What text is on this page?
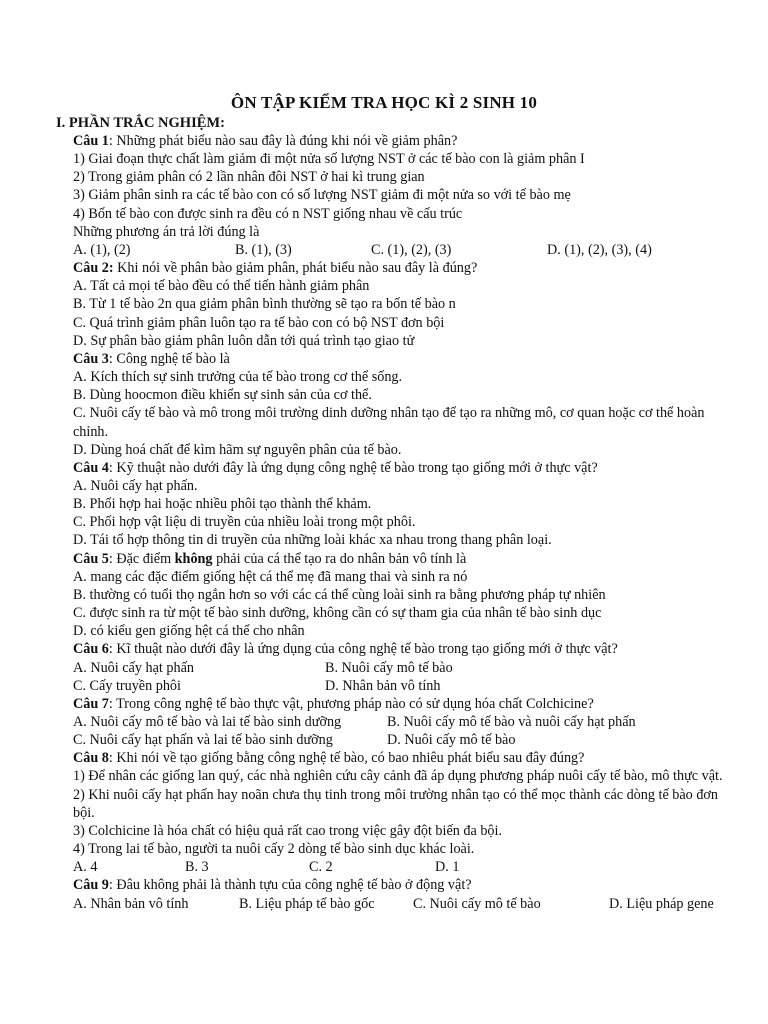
ÔN TẬP KIỂM TRA HỌC KÌ 2 SINH 10
I. PHẦN TRẮC NGHIỆM:
Câu 1: Những phát biểu nào sau đây là đúng khi nói về giảm phân?
1) Giai đoạn thực chất làm giảm đi một nửa số lượng NST ở các tế bào con là giảm phân I
2) Trong giảm phân có 2 lần nhân đôi NST ở hai kì trung gian
3) Giảm phân sinh ra các tế bào con có số lượng NST giảm đi một nửa so với tế bào mẹ
4) Bốn tế bào con được sinh ra đều có n NST giống nhau về cấu trúc
Những phương án trả lời đúng là
A. (1), (2)	B. (1), (3)	C. (1), (2), (3)	D. (1), (2), (3), (4)
Câu 2: Khi nói về phân bào giảm phân, phát biểu nào sau đây là đúng?
A. Tất cả mọi tế bào đều có thể tiến hành giảm phân
B. Từ 1 tế bào 2n qua giảm phân bình thường sẽ tạo ra bốn tế bào n
C. Quá trình giảm phân luôn tạo ra tế bào con có bộ NST đơn bội
D. Sự phân bào giảm phân luôn dẫn tới quá trình tạo giao tử
Câu 3: Công nghệ tế bào là
A. Kích thích sự sinh trưởng của tế bào trong cơ thể sống.
B. Dùng hoocmon điều khiển sự sinh sản của cơ thể.
C. Nuôi cấy tế bào và mô trong môi trường dinh dưỡng nhân tạo để tạo ra những mô, cơ quan hoặc cơ thể hoàn chỉnh.
D. Dùng hoá chất để kìm hãm sự nguyên phân của tế bào.
Câu 4: Kỹ thuật nào dưới đây là ứng dụng công nghệ tế bào trong tạo giống mới ở thực vật?
A. Nuôi cấy hạt phấn.
B. Phối hợp hai hoặc nhiều phôi tạo thành thể khảm.
C. Phối hợp vật liệu di truyền của nhiều loài trong một phôi.
D. Tái tổ hợp thông tin di truyền của những loài khác xa nhau trong thang phân loại.
Câu 5: Đặc điểm không phải của cá thể tạo ra do nhân bản vô tính là
A. mang các đặc điểm giống hệt cá thể mẹ đã mang thai và sinh ra nó
B. thường có tuổi thọ ngắn hơn so với các cá thể cùng loài sinh ra bằng phương pháp tự nhiên
C. được sinh ra từ một tế bào sinh dưỡng, không cần có sự tham gia của nhân tế bào sinh dục
D. có kiểu gen giống hệt cá thể cho nhân
Câu 6: Kĩ thuật nào dưới đây là ứng dụng của công nghệ tế bào trong tạo giống mới ở thực vật?
A. Nuôi cấy hạt phấn	B. Nuôi cấy mô tế bào
C. Cấy truyền phôi	D. Nhân bản vô tính
Câu 7: Trong công nghệ tế bào thực vật, phương pháp nào có sử dụng hóa chất Colchicine?
A. Nuôi cấy mô tế bào và lai tế bào sinh dưỡng	B. Nuôi cấy mô tế bào và nuôi cấy hạt phấn
C. Nuôi cấy hạt phấn và lai tế bào sinh dưỡng	D. Nuôi cấy mô tế bào
Câu 8: Khi nói về tạo giống bằng công nghệ tế bào, có bao nhiêu phát biểu sau đây đúng?
1) Để nhân các giống lan quý, các nhà nghiên cứu cây cảnh đã áp dụng phương pháp nuôi cấy tế bào, mô thực vật.
2) Khi nuôi cấy hạt phấn hay noãn chưa thụ tinh trong môi trường nhân tạo có thể mọc thành các dòng tế bào đơn bội.
3) Colchicine là hóa chất có hiệu quả rất cao trong việc gây đột biến đa bội.
4) Trong lai tế bào, người ta nuôi cấy 2 dòng tế bào sinh dục khác loài.
A. 4	B. 3	C. 2	D. 1
Câu 9: Đâu không phải là thành tựu của công nghệ tế bào ở động vật?
A. Nhân bản vô tính	B. Liệu pháp tế bào gốc	C. Nuôi cấy mô tế bào	D. Liệu pháp gene
